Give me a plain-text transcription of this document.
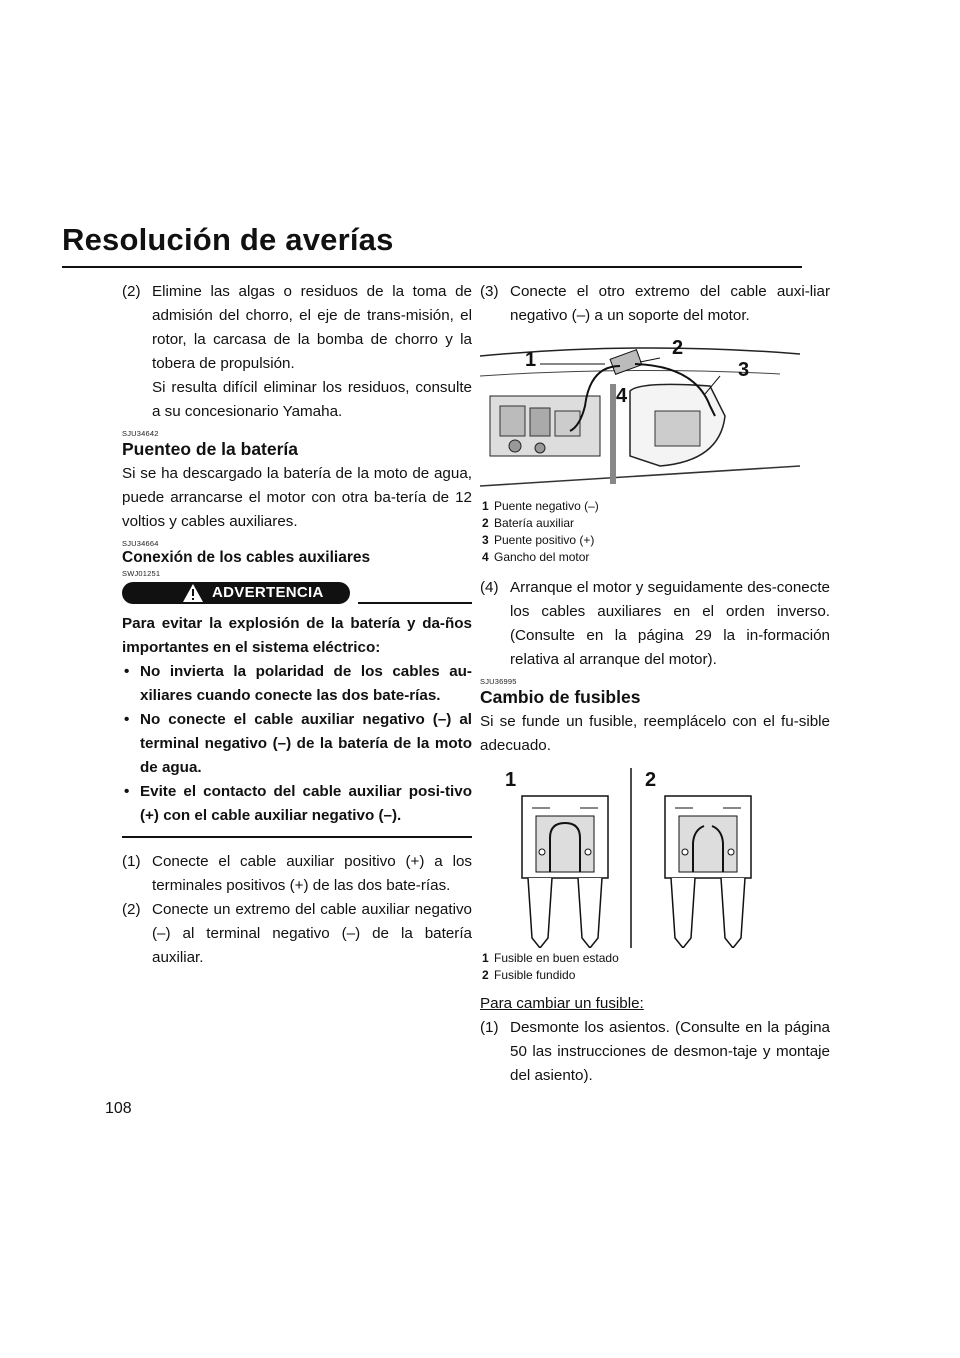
Resolución de averías
(2) Elimine las algas o residuos de la toma de admisión del chorro, el eje de trans-misión, el rotor, la carcasa de la bomba de chorro y la tobera de propulsión.

Si resulta difícil eliminar los residuos, consulte a su concesionario Yamaha.

SJU34642
Puenteo de la batería

Si se ha descargado la batería de la moto de agua, puede arrancarse el motor con otra ba-tería de 12 voltios y cables auxiliares.

SJU34664
Conexión de los cables auxiliares
SWJ01251
ADVERTENCIA

Para evitar la explosión de la batería y da-ños importantes en el sistema eléctrico:

• No invierta la polaridad de los cables au-xiliares cuando conecte las dos bate-rías.
• No conecte el cable auxiliar negativo (–) al terminal negativo (–) de la batería de la moto de agua.
• Evite el contacto del cable auxiliar posi-tivo (+) con el cable auxiliar negativo (–).
(1) Conecte el cable auxiliar positivo (+) a los terminales positivos (+) de las dos bate-rías.

(2) Conecte un extremo del cable auxiliar negativo (–) al terminal negativo (–) de la batería auxiliar.

(3) Conecte el otro extremo del cable auxi-liar negativo (–) a un soporte del motor.

1
2
3
4
1 Puente negativo (–)
2 Batería auxiliar
3 Puente positivo (+)
4 Gancho del motor
(4) Arranque el motor y seguidamente des-conecte los cables auxiliares en el orden inverso. (Consulte en la página 29 la in-formación relativa al arranque del motor).

SJU36995
Cambio de fusibles

Si se funde un fusible, reemplácelo con el fu-sible adecuado.

1	2
1 Fusible en buen estado
2 Fusible fundido

Para cambiar un fusible:

(1) Desmonte los asientos. (Consulte en la página 50 las instrucciones de desmon-taje y montaje del asiento).

108
